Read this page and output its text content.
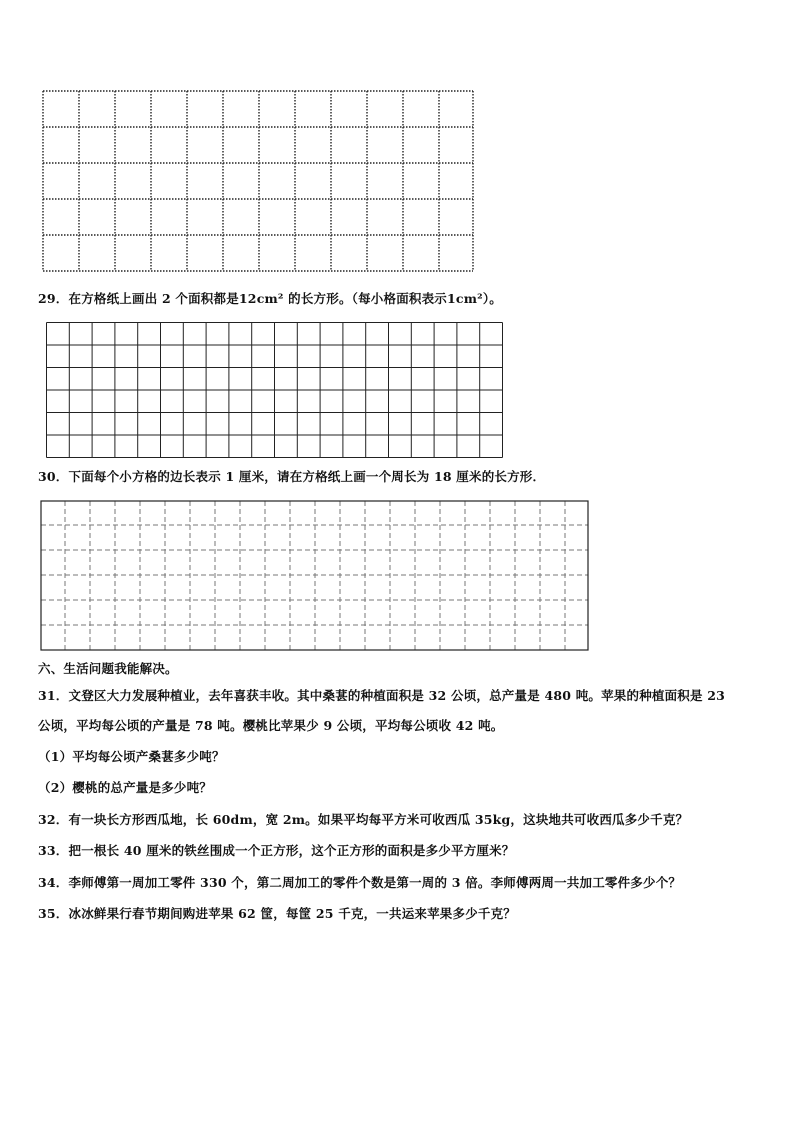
29．在方格纸上画出 2 个面积都是12cm² 的长方形。（每小格面积表示1cm²）。
30．下面每个小方格的边长表示 1 厘米，请在方格纸上画一个周长为 18 厘米的长方形．
六、生活问题我能解决。
31．文登区大力发展种植业，去年喜获丰收。其中桑葚的种植面积是 32 公顷，总产量是 480 吨。苹果的种植面积是 23
公顷，平均每公顷的产量是 78 吨。樱桃比苹果少 9 公顷，平均每公顷收 42 吨。
（1）平均每公顷产桑葚多少吨？
（2）樱桃的总产量是多少吨？
32．有一块长方形西瓜地，长 60dm，宽 2m。如果平均每平方米可收西瓜 35kg，这块地共可收西瓜多少千克？
33．把一根长 40 厘米的铁丝围成一个正方形，这个正方形的面积是多少平方厘米？
34．李师傅第一周加工零件 330 个，第二周加工的零件个数是第一周的 3 倍。李师傅两周一共加工零件多少个？
35．冰冰鲜果行春节期间购进苹果 62 筐，每筐 25 千克，一共运来苹果多少千克？
